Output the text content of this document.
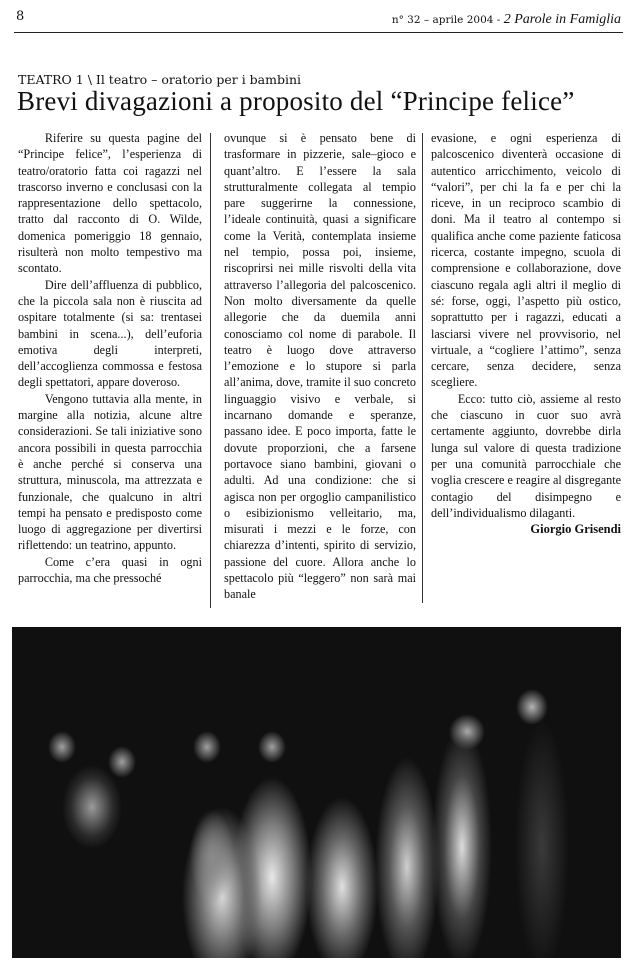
8	n° 32 – aprile 2004 - 2 Parole in Famiglia
TEATRO 1 \ Il teatro – oratorio per i bambini
Brevi divagazioni a proposito del “Principe felice”

Riferire su questa pagine del “Principe felice”, l’esperienza di teatro/oratorio fatta coi ragazzi nel trascorso inverno e conclusasi con la rappresentazione dello spettacolo, tratto dal racconto di O. Wilde, domenica pomeriggio 18 gennaio, risulterà non molto tempestivo ma scontato.

Dire dell’affluenza di pubblico, che la piccola sala non è riuscita ad ospitare totalmente (si sa: trentasei bambini in scena...), dell’euforia emotiva degli interpreti, dell’accoglienza commossa e festosa degli spettatori, appare doveroso.

Vengono tuttavia alla mente, in margine alla notizia, alcune altre considerazioni. Se tali iniziative sono ancora possibili in questa parrocchia è anche perché si conserva una struttura, minuscola, ma attrezzata e funzionale, che qualcuno in altri tempi ha pensato e predisposto come luogo di aggregazione per divertirsi riflettendo: un teatrino, appunto.

Come c’era quasi in ogni parrocchia, ma che pressoché

ovunque si è pensato bene di trasformare in pizzerie, sale–gioco e quant’altro. E l’essere la sala strutturalmente collegata al tempio pare suggerirne la connessione, l’ideale continuità, quasi a significare come la Verità, contemplata insieme nel tempio, possa poi, insieme, riscoprirsi nei mille risvolti della vita attraverso l’allegoria del palcoscenico. Non molto diversamente da quelle allegorie che da duemila anni conosciamo col nome di parabole. Il teatro è luogo dove attraverso l’emozione e lo stupore si parla all’anima, dove, tramite il suo concreto linguaggio visivo e verbale, si incarnano domande e speranze, passano idee. E poco importa, fatte le dovute proporzioni, che a farsene portavoce siano bambini, giovani o adulti. Ad una condizione: che si agisca non per orgoglio campanilistico o esibizionismo velleitario, ma, misurati i mezzi e le forze, con chiarezza d’intenti, spirito di servizio, passione del cuore. Allora anche lo spettacolo più “leggero” non sarà mai banale

evasione, e ogni esperienza di palcoscenico diventerà occasione di autentico arricchimento, veicolo di “valori”, per chi la fa e per chi la riceve, in un reciproco scambio di doni. Ma il teatro al contempo si qualifica anche come paziente faticosa ricerca, costante impegno, scuola di comprensione e collaborazione, dove ciascuno regala agli altri il meglio di sé: forse, oggi, l’aspetto più ostico, soprattutto per i ragazzi, educati a lasciarsi vivere nel provvisorio, nel virtuale, a “cogliere l’attimo”, senza cercare, senza decidere, senza scegliere.

Ecco: tutto ciò, assieme al resto che ciascuno in cuor suo avrà certamente aggiunto, dovrebbe dirla lunga sul valore di questa tradizione per una comunità parrocchiale che voglia crescere e reagire al disgregante contagio del disimpegno e dell’individualismo dilaganti.

Giorgio Grisendi
